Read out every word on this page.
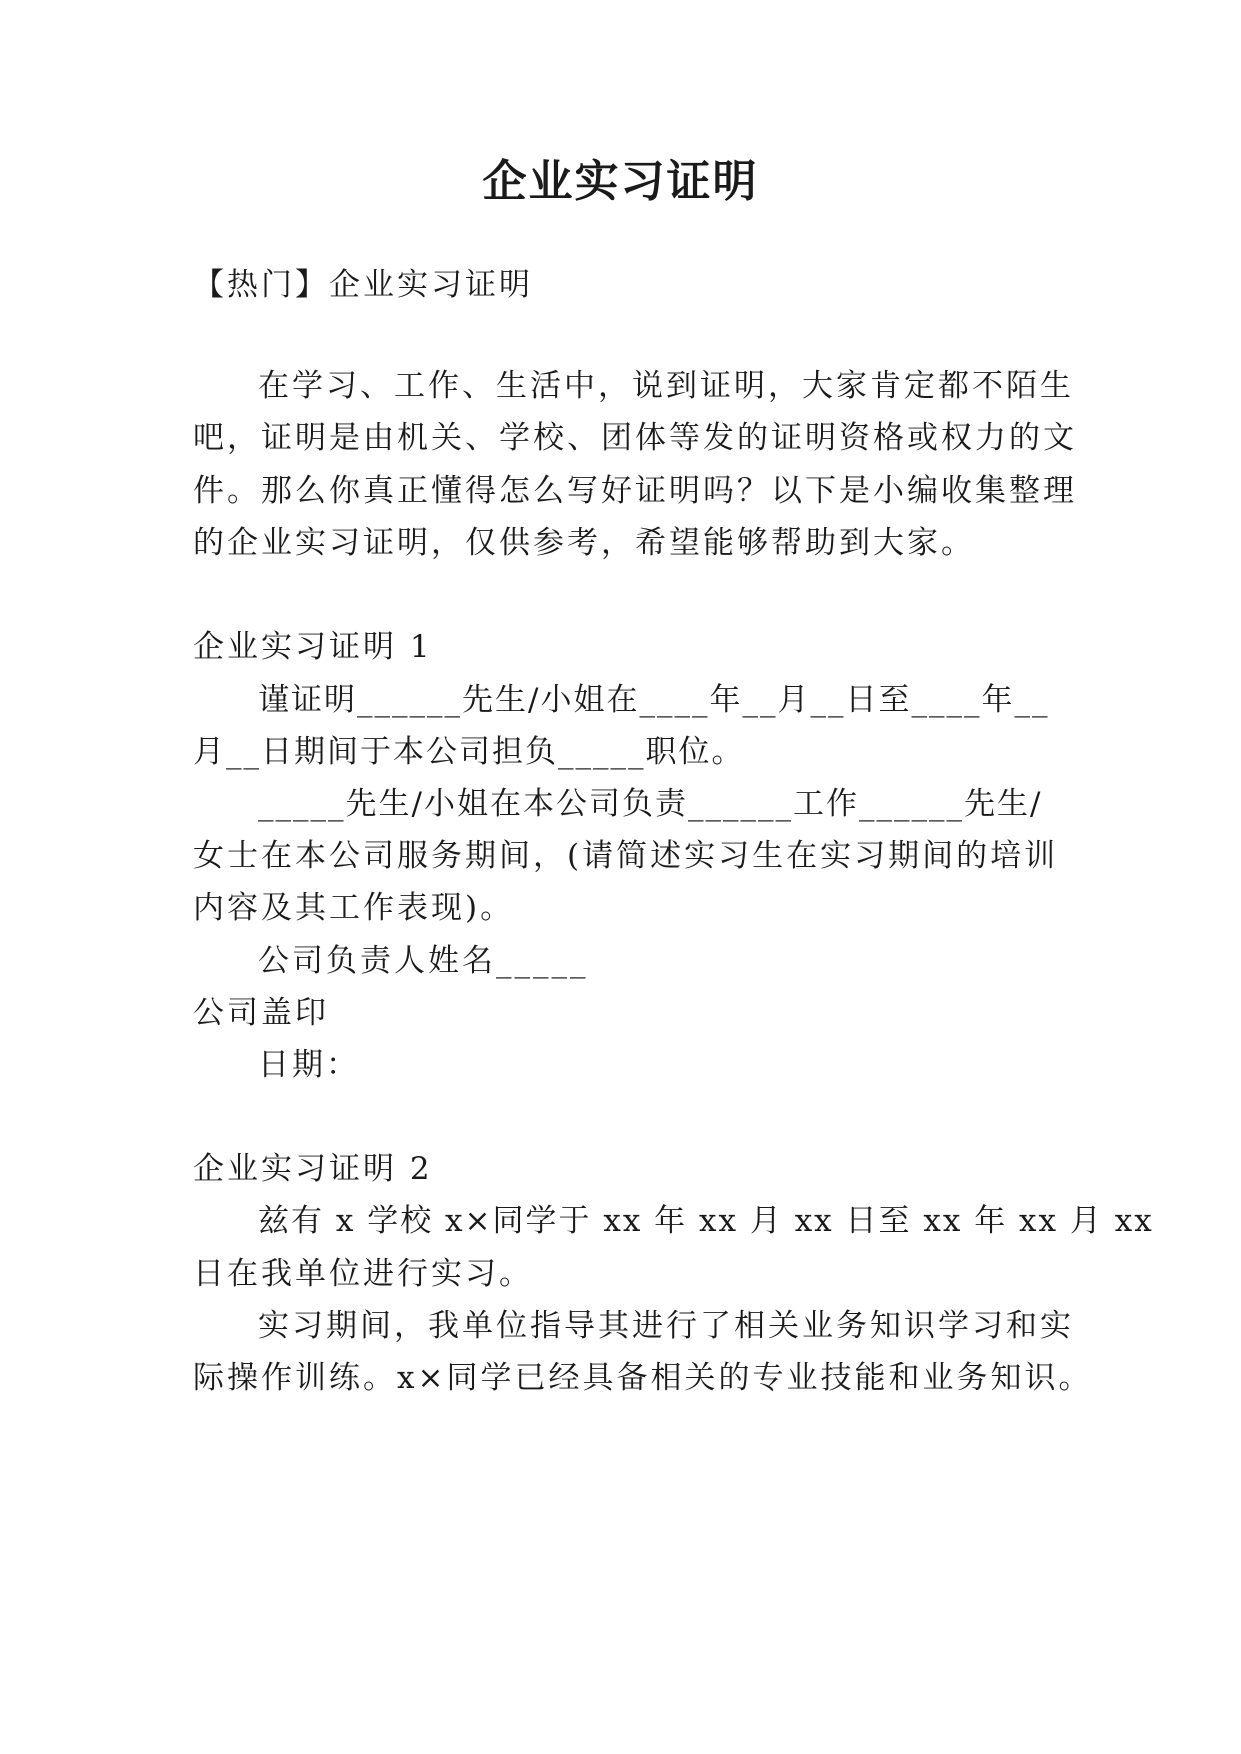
企业实习证明

【热门】企业实习证明

在学习、工作、生活中，说到证明，大家肯定都不陌生

吧，证明是由机关、学校、团体等发的证明资格或权力的文

件。那么你真正懂得怎么写好证明吗？以下是小编收集整理

的企业实习证明，仅供参考，希望能够帮助到大家。

企业实习证明 1

谨证明______先生/小姐在____年__月__日至____年__

月__日期间于本公司担负_____职位。

_____先生/小姐在本公司负责______工作______先生/

女士在本公司服务期间，(请简述实习生在实习期间的培训

内容及其工作表现)。

公司负责人姓名_____

公司盖印

日期：

企业实习证明 2

兹有 x 学校 x×同学于 xx 年 xx 月 xx 日至 xx 年 xx 月 xx

日在我单位进行实习。

实习期间，我单位指导其进行了相关业务知识学习和实

际操作训练。x×同学已经具备相关的专业技能和业务知识。
